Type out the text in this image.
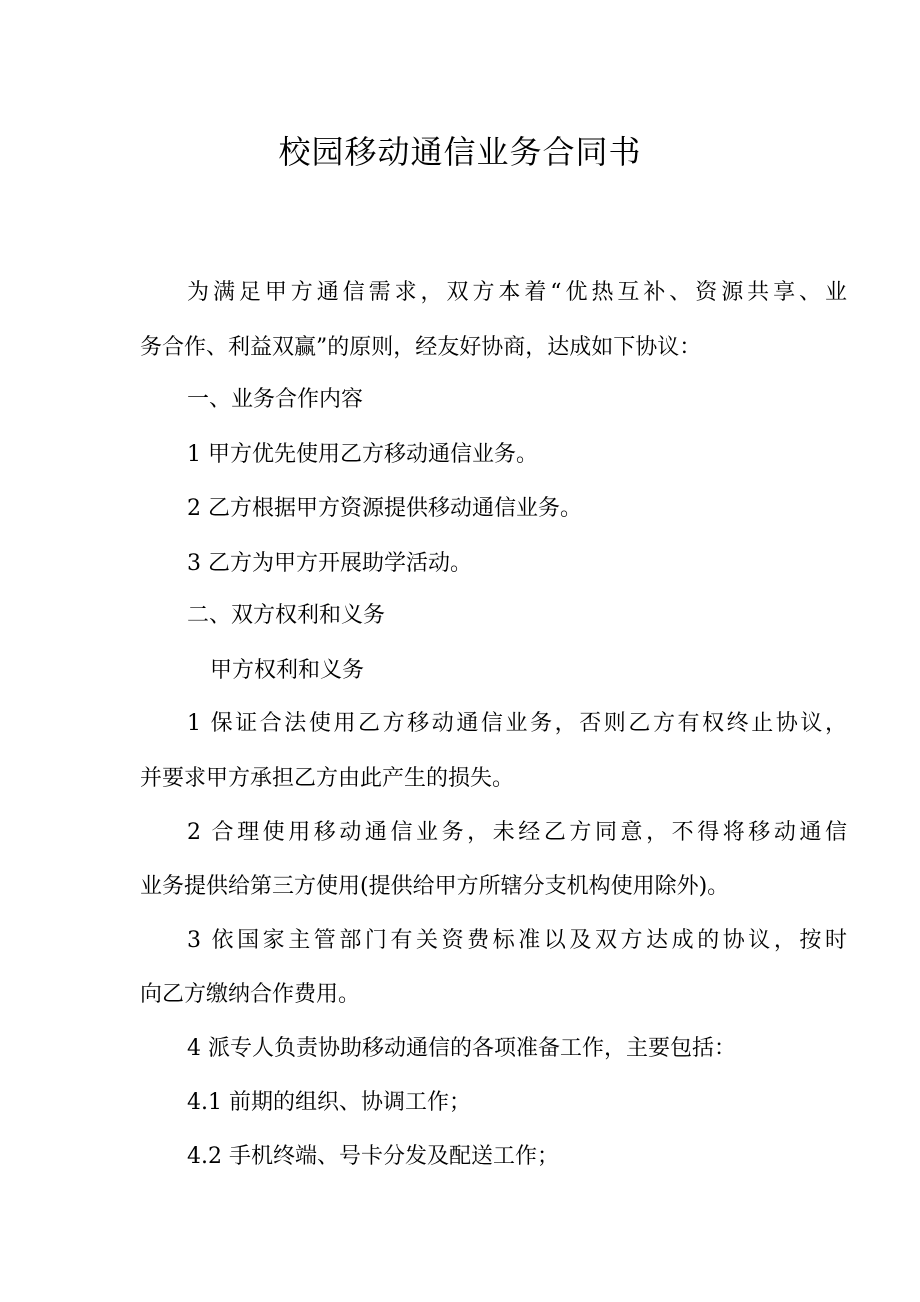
校园移动通信业务合同书

为满足甲方通信需求，双方本着“优热互补、资源共享、业

务合作、利益双赢”的原则，经友好协商，达成如下协议：

一、业务合作内容

1 甲方优先使用乙方移动通信业务。

2 乙方根据甲方资源提供移动通信业务。

3 乙方为甲方开展助学活动。

二、双方权利和义务

甲方权利和义务

1 保证合法使用乙方移动通信业务，否则乙方有权终止协议，

并要求甲方承担乙方由此产生的损失。

2 合理使用移动通信业务，未经乙方同意，不得将移动通信

业务提供给第三方使用(提供给甲方所辖分支机构使用除外)。

3 依国家主管部门有关资费标准以及双方达成的协议，按时

向乙方缴纳合作费用。

4 派专人负责协助移动通信的各项准备工作，主要包括：

4.1 前期的组织、协调工作；

4.2 手机终端、号卡分发及配送工作；
